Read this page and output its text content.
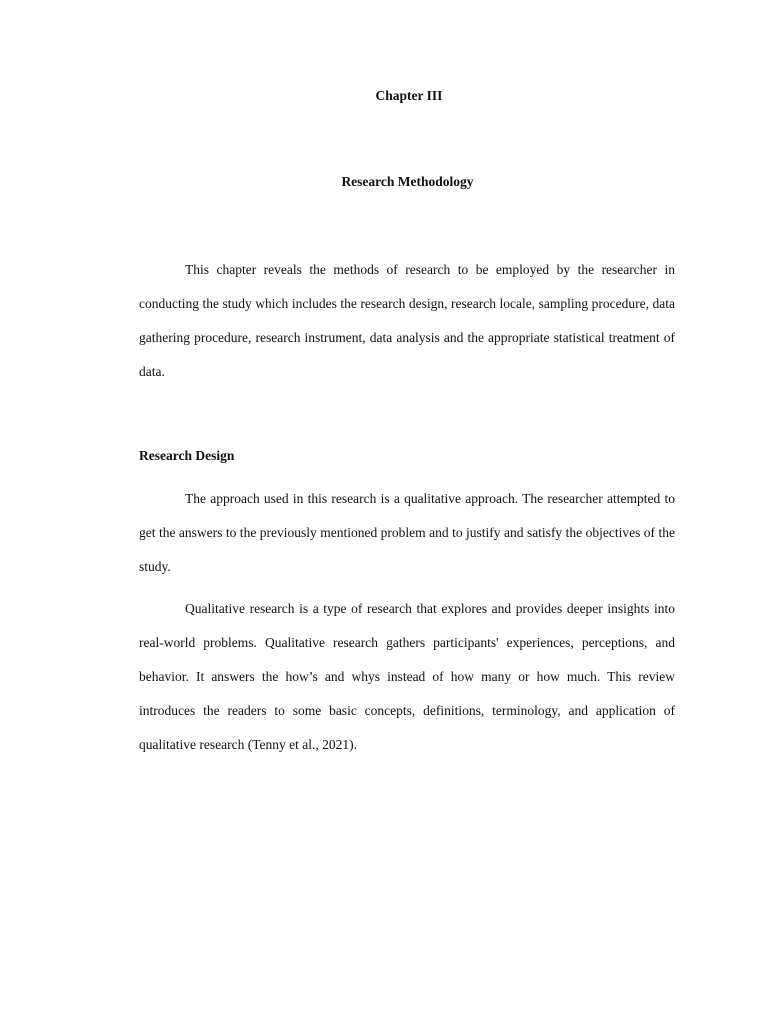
Chapter III
Research Methodology

This chapter reveals the methods of research to be employed by the researcher in conducting the study which includes the research design, research locale, sampling procedure, data gathering procedure, research instrument, data analysis and the appropriate statistical treatment of data.

Research Design

The approach used in this research is a qualitative approach. The researcher attempted to get the answers to the previously mentioned problem and to justify and satisfy the objectives of the study.

Qualitative research is a type of research that explores and provides deeper insights into real-world problems. Qualitative research gathers participants' experiences, perceptions, and behavior. It answers the how’s and whys instead of how many or how much. This review introduces the readers to some basic concepts, definitions, terminology, and application of qualitative research (Tenny et al., 2021).
